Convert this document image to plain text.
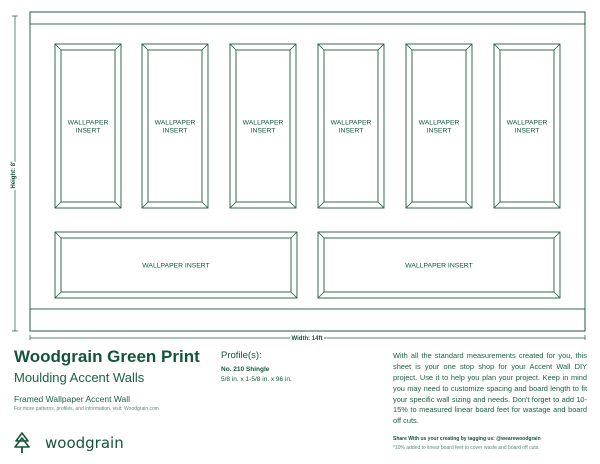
WALLPAPER INSERT
WALLPAPER INSERT
WALLPAPER INSERT
WALLPAPER INSERT
WALLPAPER INSERT
WALLPAPER INSERT
WALLPAPER INSERT	WALLPAPER INSERT
Height: 8'
Width: 14ft
Woodgrain Green Print
Moulding Accent Walls
Framed Wallpaper Accent Wall
For more patterns, profiles, and information, visit: Woodgrain.com
woodgrain
Profile(s):
No. 210 Shingle
5/8 in. x 1-5/8 in. x 96 in.
With all the standard measurements created for you, this sheet is your one stop shop for your Accent Wall DIY project. Use it to help you plan your project. Keep in mind you may need to customize spacing and board length to fit your specific wall sizing and needs. Don't forget to add 10-15% to measured linear board feet for wastage and board off cuts.
Share With us your creating by tagging us: @wearewoodgrain
*10% added to linear board feet to cover waste and board off cuts.
